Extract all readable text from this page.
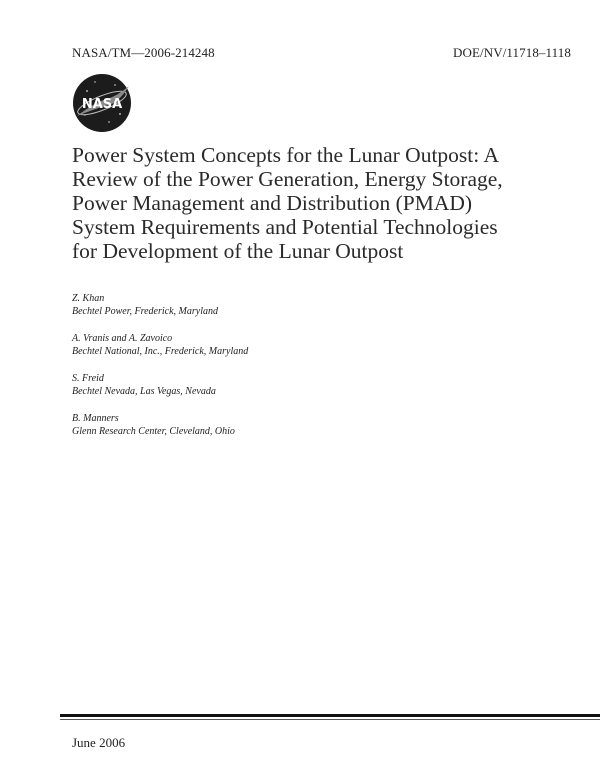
NASA/TM—2006-214248	DOE/NV/11718–1118
NASA
Power System Concepts for the Lunar Outpost: A
Review of the Power Generation, Energy Storage,
Power Management and Distribution (PMAD)
System Requirements and Potential Technologies
for Development of the Lunar Outpost
Z. Khan
Bechtel Power, Frederick, Maryland
A. Vranis and A. Zavoico
Bechtel National, Inc., Frederick, Maryland
S. Freid
Bechtel Nevada, Las Vegas, Nevada
B. Manners
Glenn Research Center, Cleveland, Ohio
June 2006
